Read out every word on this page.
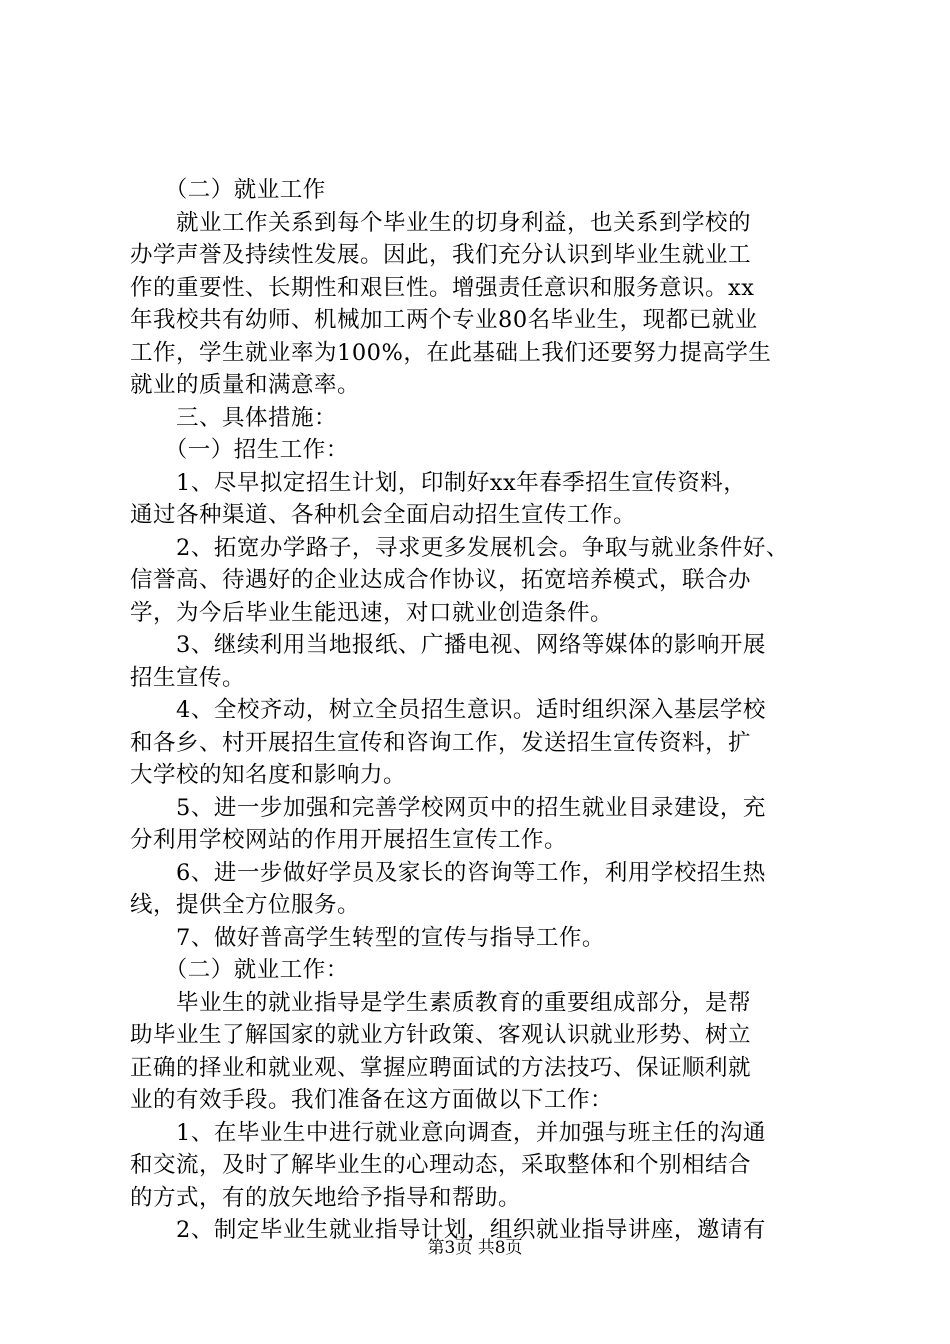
　　（二）就业工作
　　就业工作关系到每个毕业生的切身利益，也关系到学校的
办学声誉及持续性发展。因此，我们充分认识到毕业生就业工
作的重要性、长期性和艰巨性。增强责任意识和服务意识。xx
年我校共有幼师、机械加工两个专业80名毕业生，现都已就业
工作，学生就业率为100%，在此基础上我们还要努力提高学生
就业的质量和满意率。
　　三、具体措施：
　　（一）招生工作：
　　1、尽早拟定招生计划，印制好xx年春季招生宣传资料，
通过各种渠道、各种机会全面启动招生宣传工作。
　　2、拓宽办学路子，寻求更多发展机会。争取与就业条件好、
信誉高、待遇好的企业达成合作协议，拓宽培养模式，联合办
学，为今后毕业生能迅速，对口就业创造条件。
　　3、继续利用当地报纸、广播电视、网络等媒体的影响开展
招生宣传。
　　4、全校齐动，树立全员招生意识。适时组织深入基层学校
和各乡、村开展招生宣传和咨询工作，发送招生宣传资料，扩
大学校的知名度和影响力。
　　5、进一步加强和完善学校网页中的招生就业目录建设，充
分利用学校网站的作用开展招生宣传工作。
　　6、进一步做好学员及家长的咨询等工作，利用学校招生热
线，提供全方位服务。
　　7、做好普高学生转型的宣传与指导工作。
　　（二）就业工作：
　　毕业生的就业指导是学生素质教育的重要组成部分，是帮
助毕业生了解国家的就业方针政策、客观认识就业形势、树立
正确的择业和就业观、掌握应聘面试的方法技巧、保证顺利就
业的有效手段。我们准备在这方面做以下工作：
　　1、在毕业生中进行就业意向调查，并加强与班主任的沟通
和交流，及时了解毕业生的心理动态，采取整体和个别相结合
的方式，有的放矢地给予指导和帮助。
　　2、制定毕业生就业指导计划，组织就业指导讲座，邀请有
第3页 共8页
